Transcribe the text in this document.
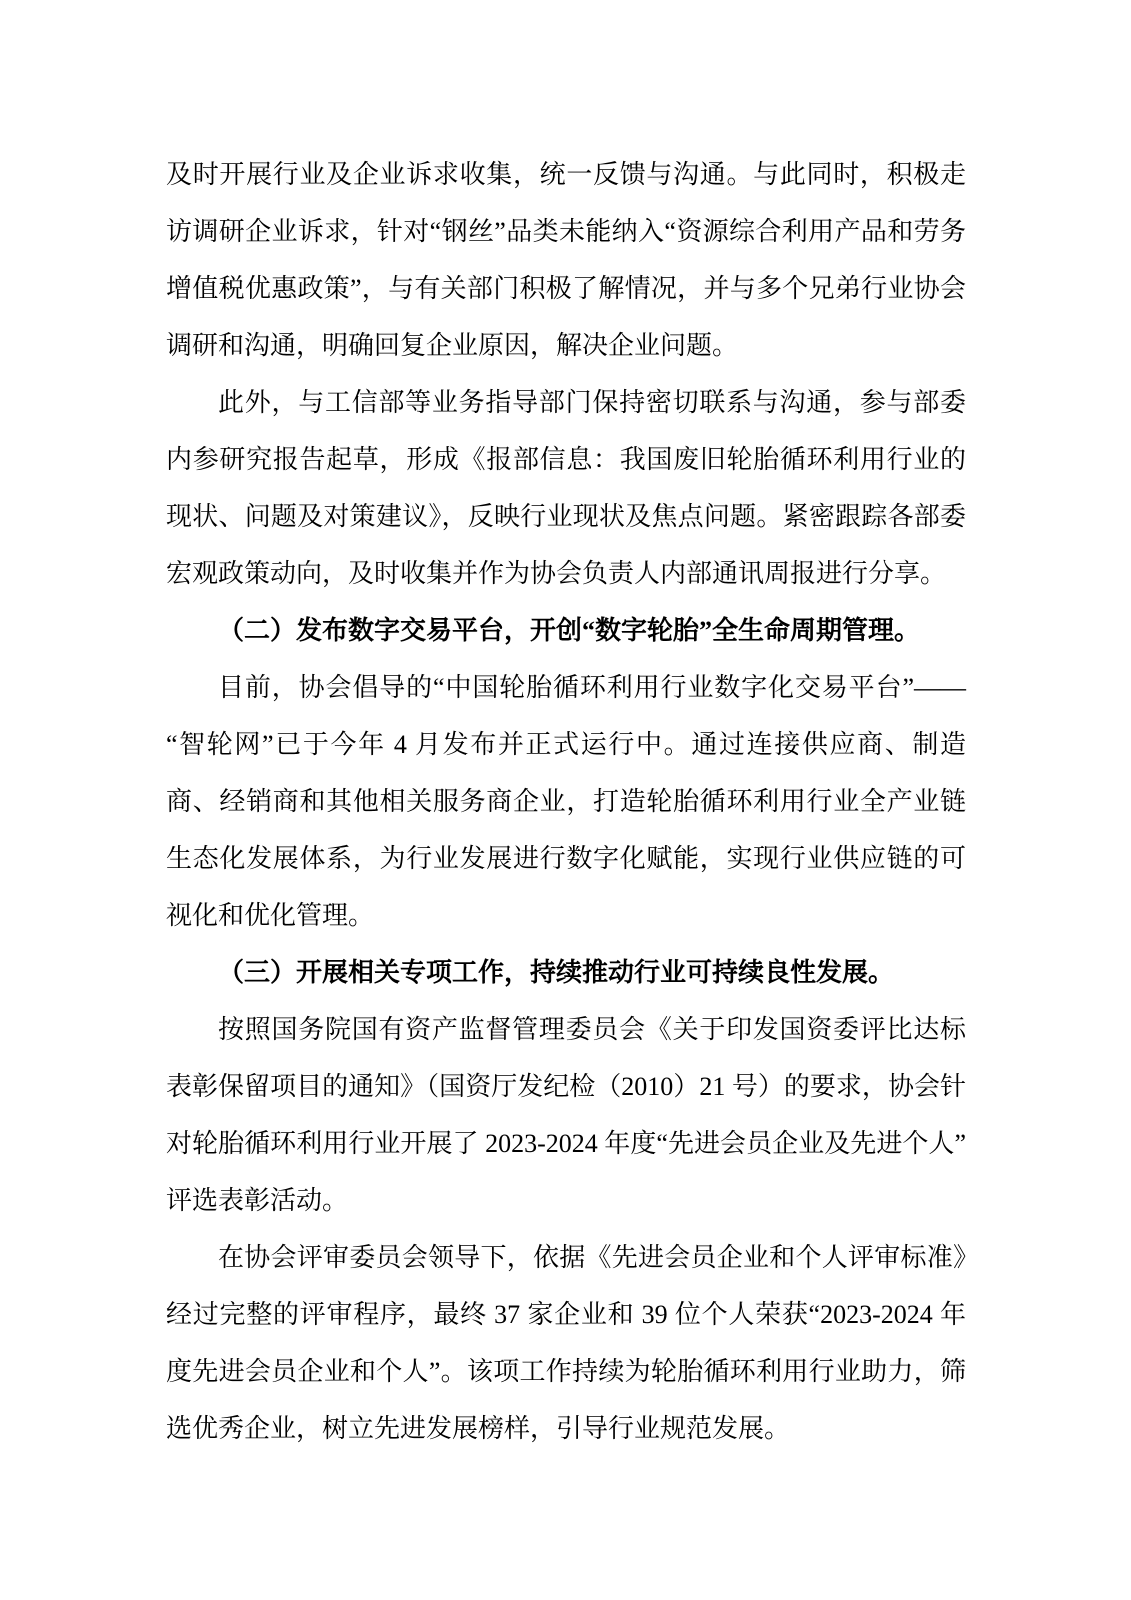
及时开展行业及企业诉求收集，统一反馈与沟通。与此同时，积极走访调研企业诉求，针对“钢丝”品类未能纳入“资源综合利用产品和劳务增值税优惠政策”，与有关部门积极了解情况，并与多个兄弟行业协会调研和沟通，明确回复企业原因，解决企业问题。

此外，与工信部等业务指导部门保持密切联系与沟通，参与部委内参研究报告起草，形成《报部信息：我国废旧轮胎循环利用行业的现状、问题及对策建议》，反映行业现状及焦点问题。紧密跟踪各部委宏观政策动向，及时收集并作为协会负责人内部通讯周报进行分享。

（二）发布数字交易平台，开创“数字轮胎”全生命周期管理。

目前，协会倡导的“中国轮胎循环利用行业数字化交易平台”——“智轮网”已于今年 4 月发布并正式运行中。通过连接供应商、制造商、经销商和其他相关服务商企业，打造轮胎循环利用行业全产业链生态化发展体系，为行业发展进行数字化赋能，实现行业供应链的可视化和优化管理。

（三）开展相关专项工作，持续推动行业可持续良性发展。

按照国务院国有资产监督管理委员会《关于印发国资委评比达标表彰保留项目的通知》（国资厅发纪检（2010）21 号）的要求，协会针对轮胎循环利用行业开展了 2023-2024 年度“先进会员企业及先进个人”评选表彰活动。

在协会评审委员会领导下，依据《先进会员企业和个人评审标准》经过完整的评审程序，最终 37 家企业和 39 位个人荣获“2023-2024 年度先进会员企业和个人”。该项工作持续为轮胎循环利用行业助力，筛选优秀企业，树立先进发展榜样，引导行业规范发展。
